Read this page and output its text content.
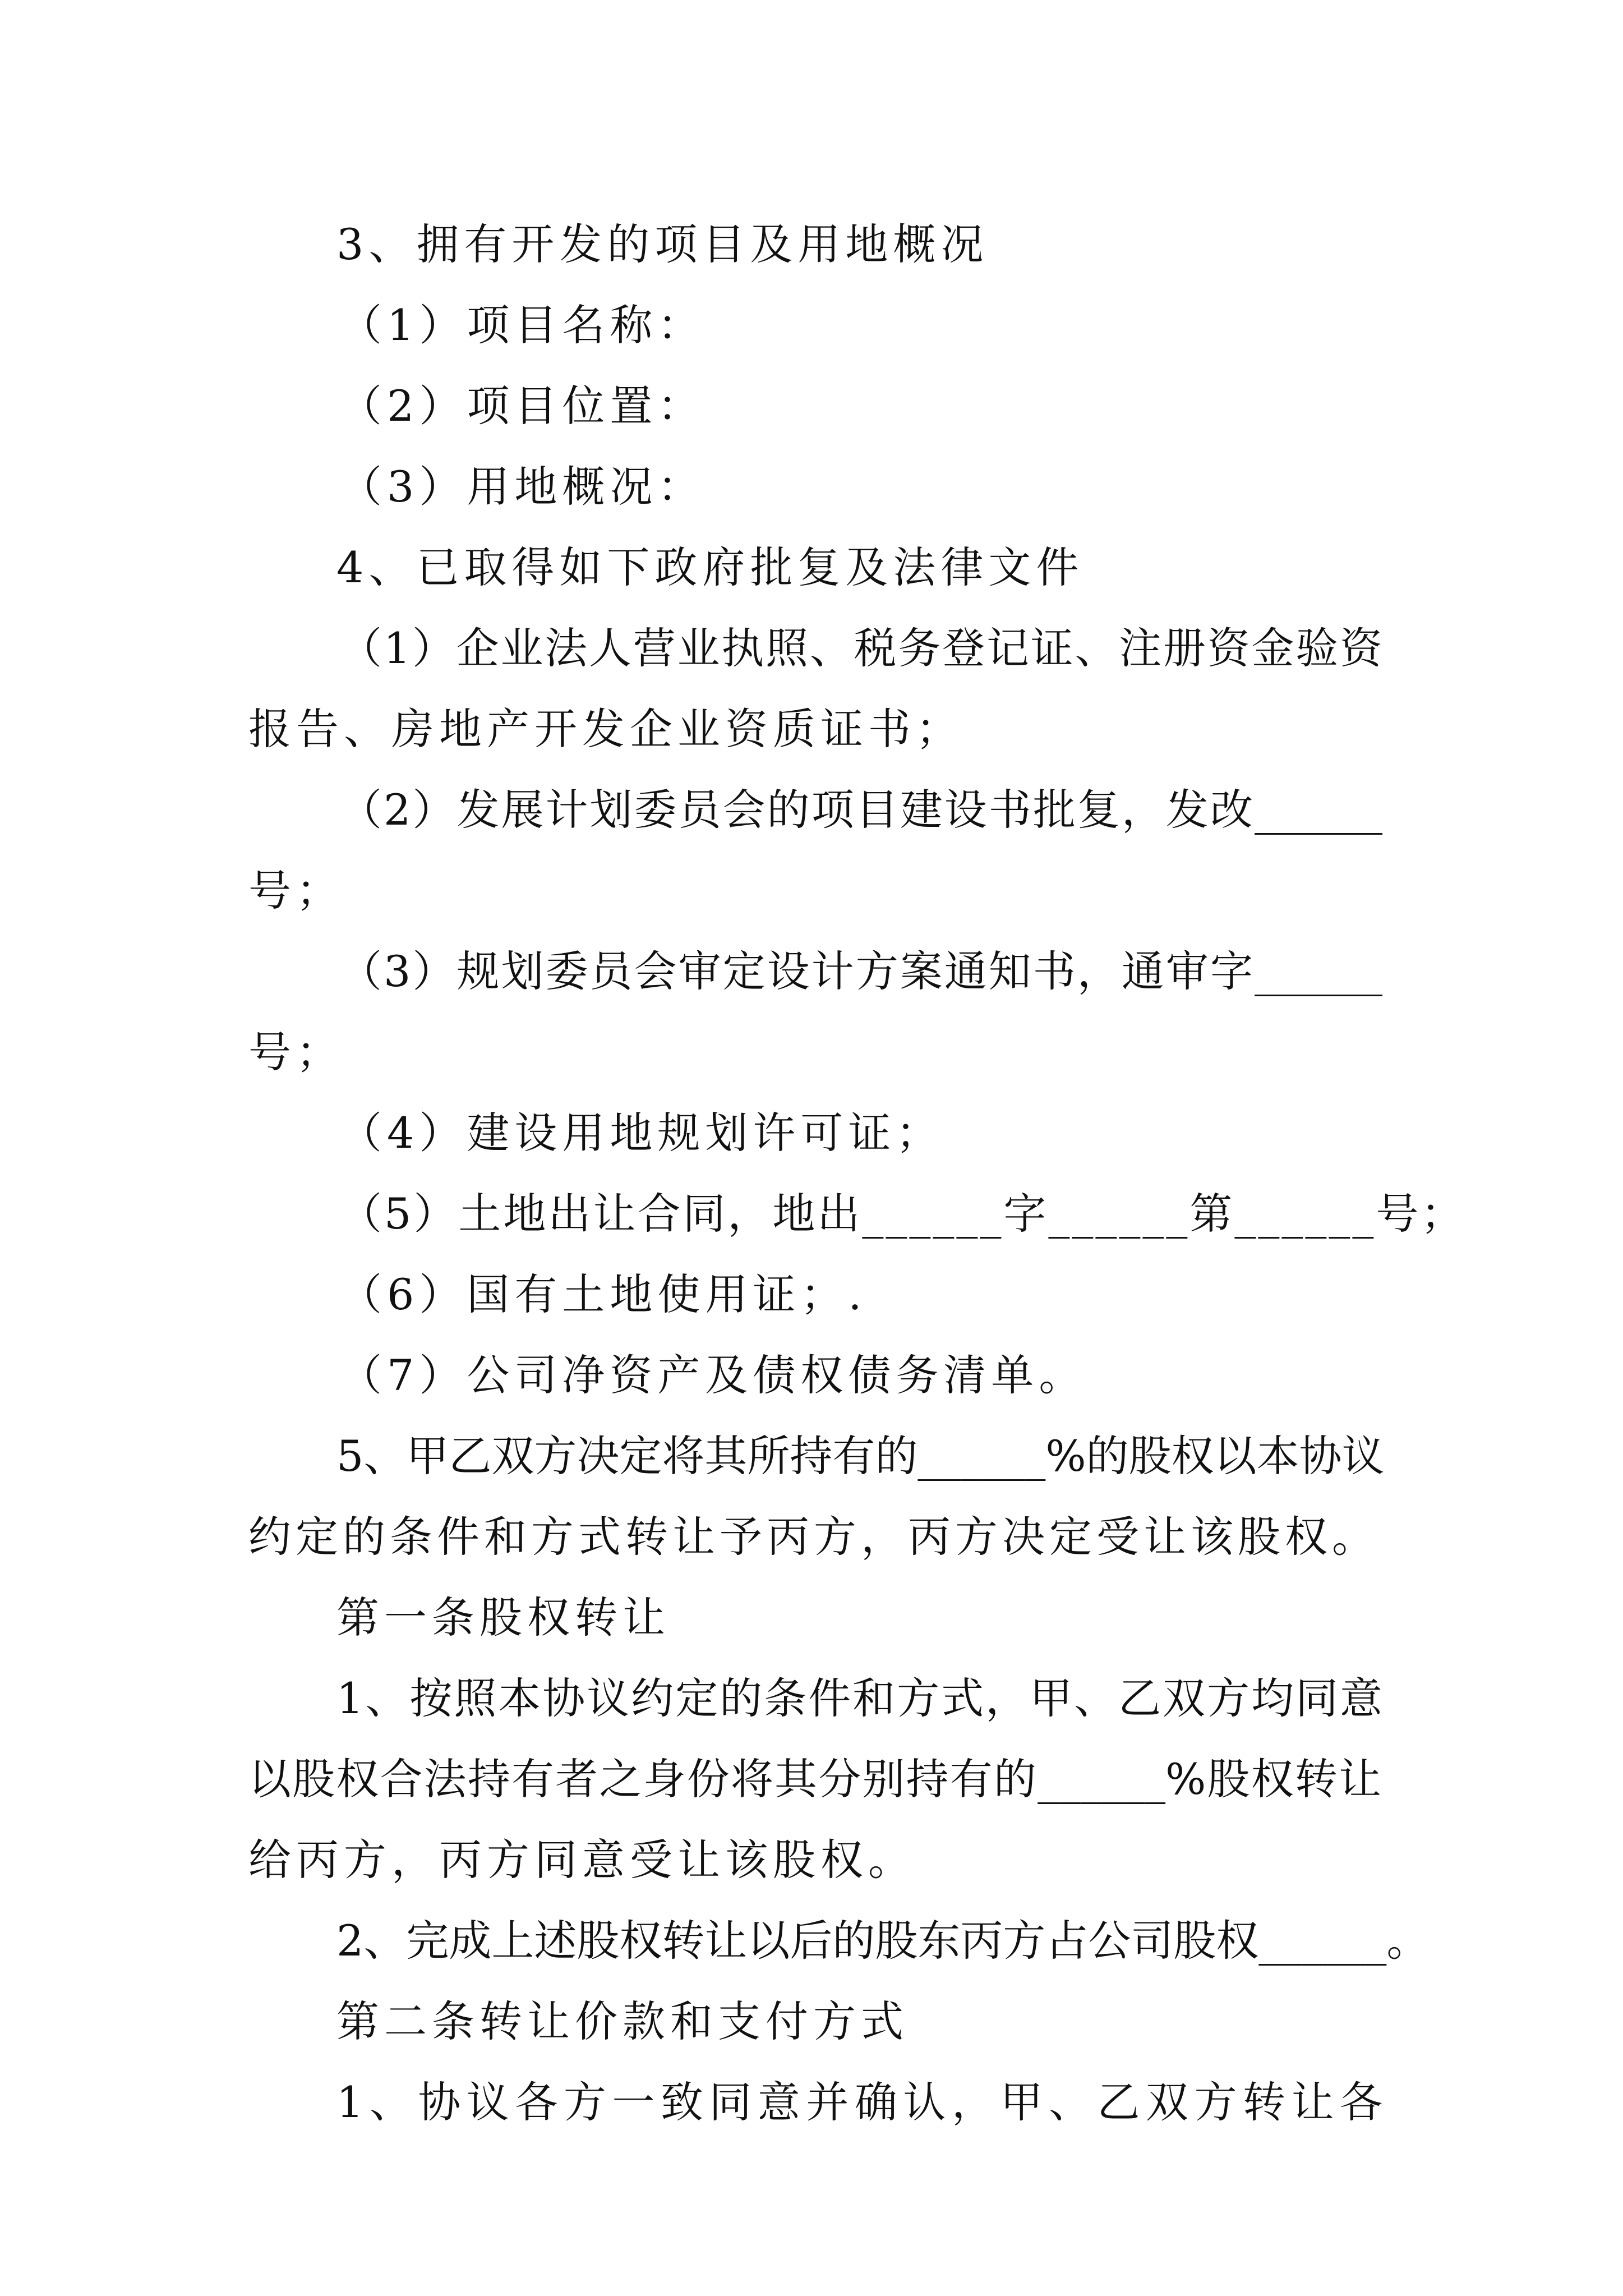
3、拥有开发的项目及用地概况

（1）项目名称：

（2）项目位置：

（3）用地概况：

4、已取得如下政府批复及法律文件

（1）企业法人营业执照、税务登记证、注册资金验资

报告、房地产开发企业资质证书；

（2）发展计划委员会的项目建设书批复，发改______

号；

（3）规划委员会审定设计方案通知书，通审字______

号；

（4）建设用地规划许可证；

（5）土地出让合同，地出______字______第______号；

（6）国有土地使用证；.

（7）公司净资产及债权债务清单。

5、甲乙双方决定将其所持有的______%的股权以本协议

约定的条件和方式转让予丙方，丙方决定受让该股权。

第一条股权转让

1、按照本协议约定的条件和方式，甲、乙双方均同意

以股权合法持有者之身份将其分别持有的______%股权转让

给丙方，丙方同意受让该股权。

2、完成上述股权转让以后的股东丙方占公司股权______。

第二条转让价款和支付方式

1、协议各方一致同意并确认，甲、乙双方转让各
